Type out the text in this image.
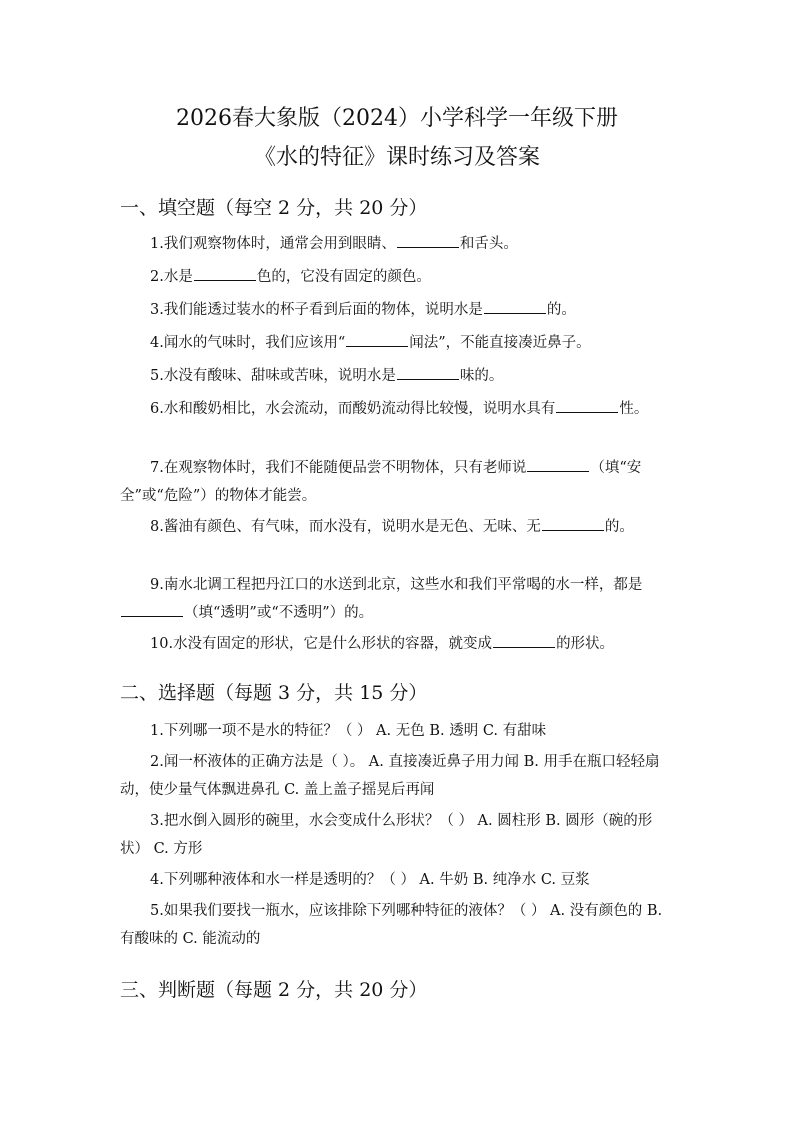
2026春大象版（2024）小学科学一年级下册
《水的特征》课时练习及答案
一、填空题（每空 2 分，共 20 分）
1.我们观察物体时，通常会用到眼睛、	和舌头。
2.水是	色的，它没有固定的颜色。
3.我们能透过装水的杯子看到后面的物体，说明水是	的。
4.闻水的气味时，我们应该用“	闻法”，不能直接凑近鼻子。
5.水没有酸味、甜味或苦味，说明水是	味的。
6.水和酸奶相比，水会流动，而酸奶流动得比较慢，说明水具有	性。
7.在观察物体时，我们不能随便品尝不明物体，只有老师说	（填“安全”或“危险”）的物体才能尝。
8.酱油有颜色、有气味，而水没有，说明水是无色、无味、无	的。
9.南水北调工程把丹江口的水送到北京，这些水和我们平常喝的水一样，都是（填“透明”或“不透明”）的。
10.水没有固定的形状，它是什么形状的容器，就变成	的形状。
二、选择题（每题 3 分，共 15 分）
1.下列哪一项不是水的特征？（ ） A. 无色 B. 透明 C. 有甜味
2.闻一杯液体的正确方法是（ ）。 A. 直接凑近鼻子用力闻 B. 用手在瓶口轻轻扇动，使少量气体飘进鼻孔 C. 盖上盖子摇晃后再闻
3.把水倒入圆形的碗里，水会变成什么形状？（ ） A. 圆柱形 B. 圆形（碗的形状） C. 方形
4.下列哪种液体和水一样是透明的？（ ） A. 牛奶 B. 纯净水 C. 豆浆
5.如果我们要找一瓶水，应该排除下列哪种特征的液体？（ ） A. 没有颜色的 B. 有酸味的 C. 能流动的
三、判断题（每题 2 分，共 20 分）
